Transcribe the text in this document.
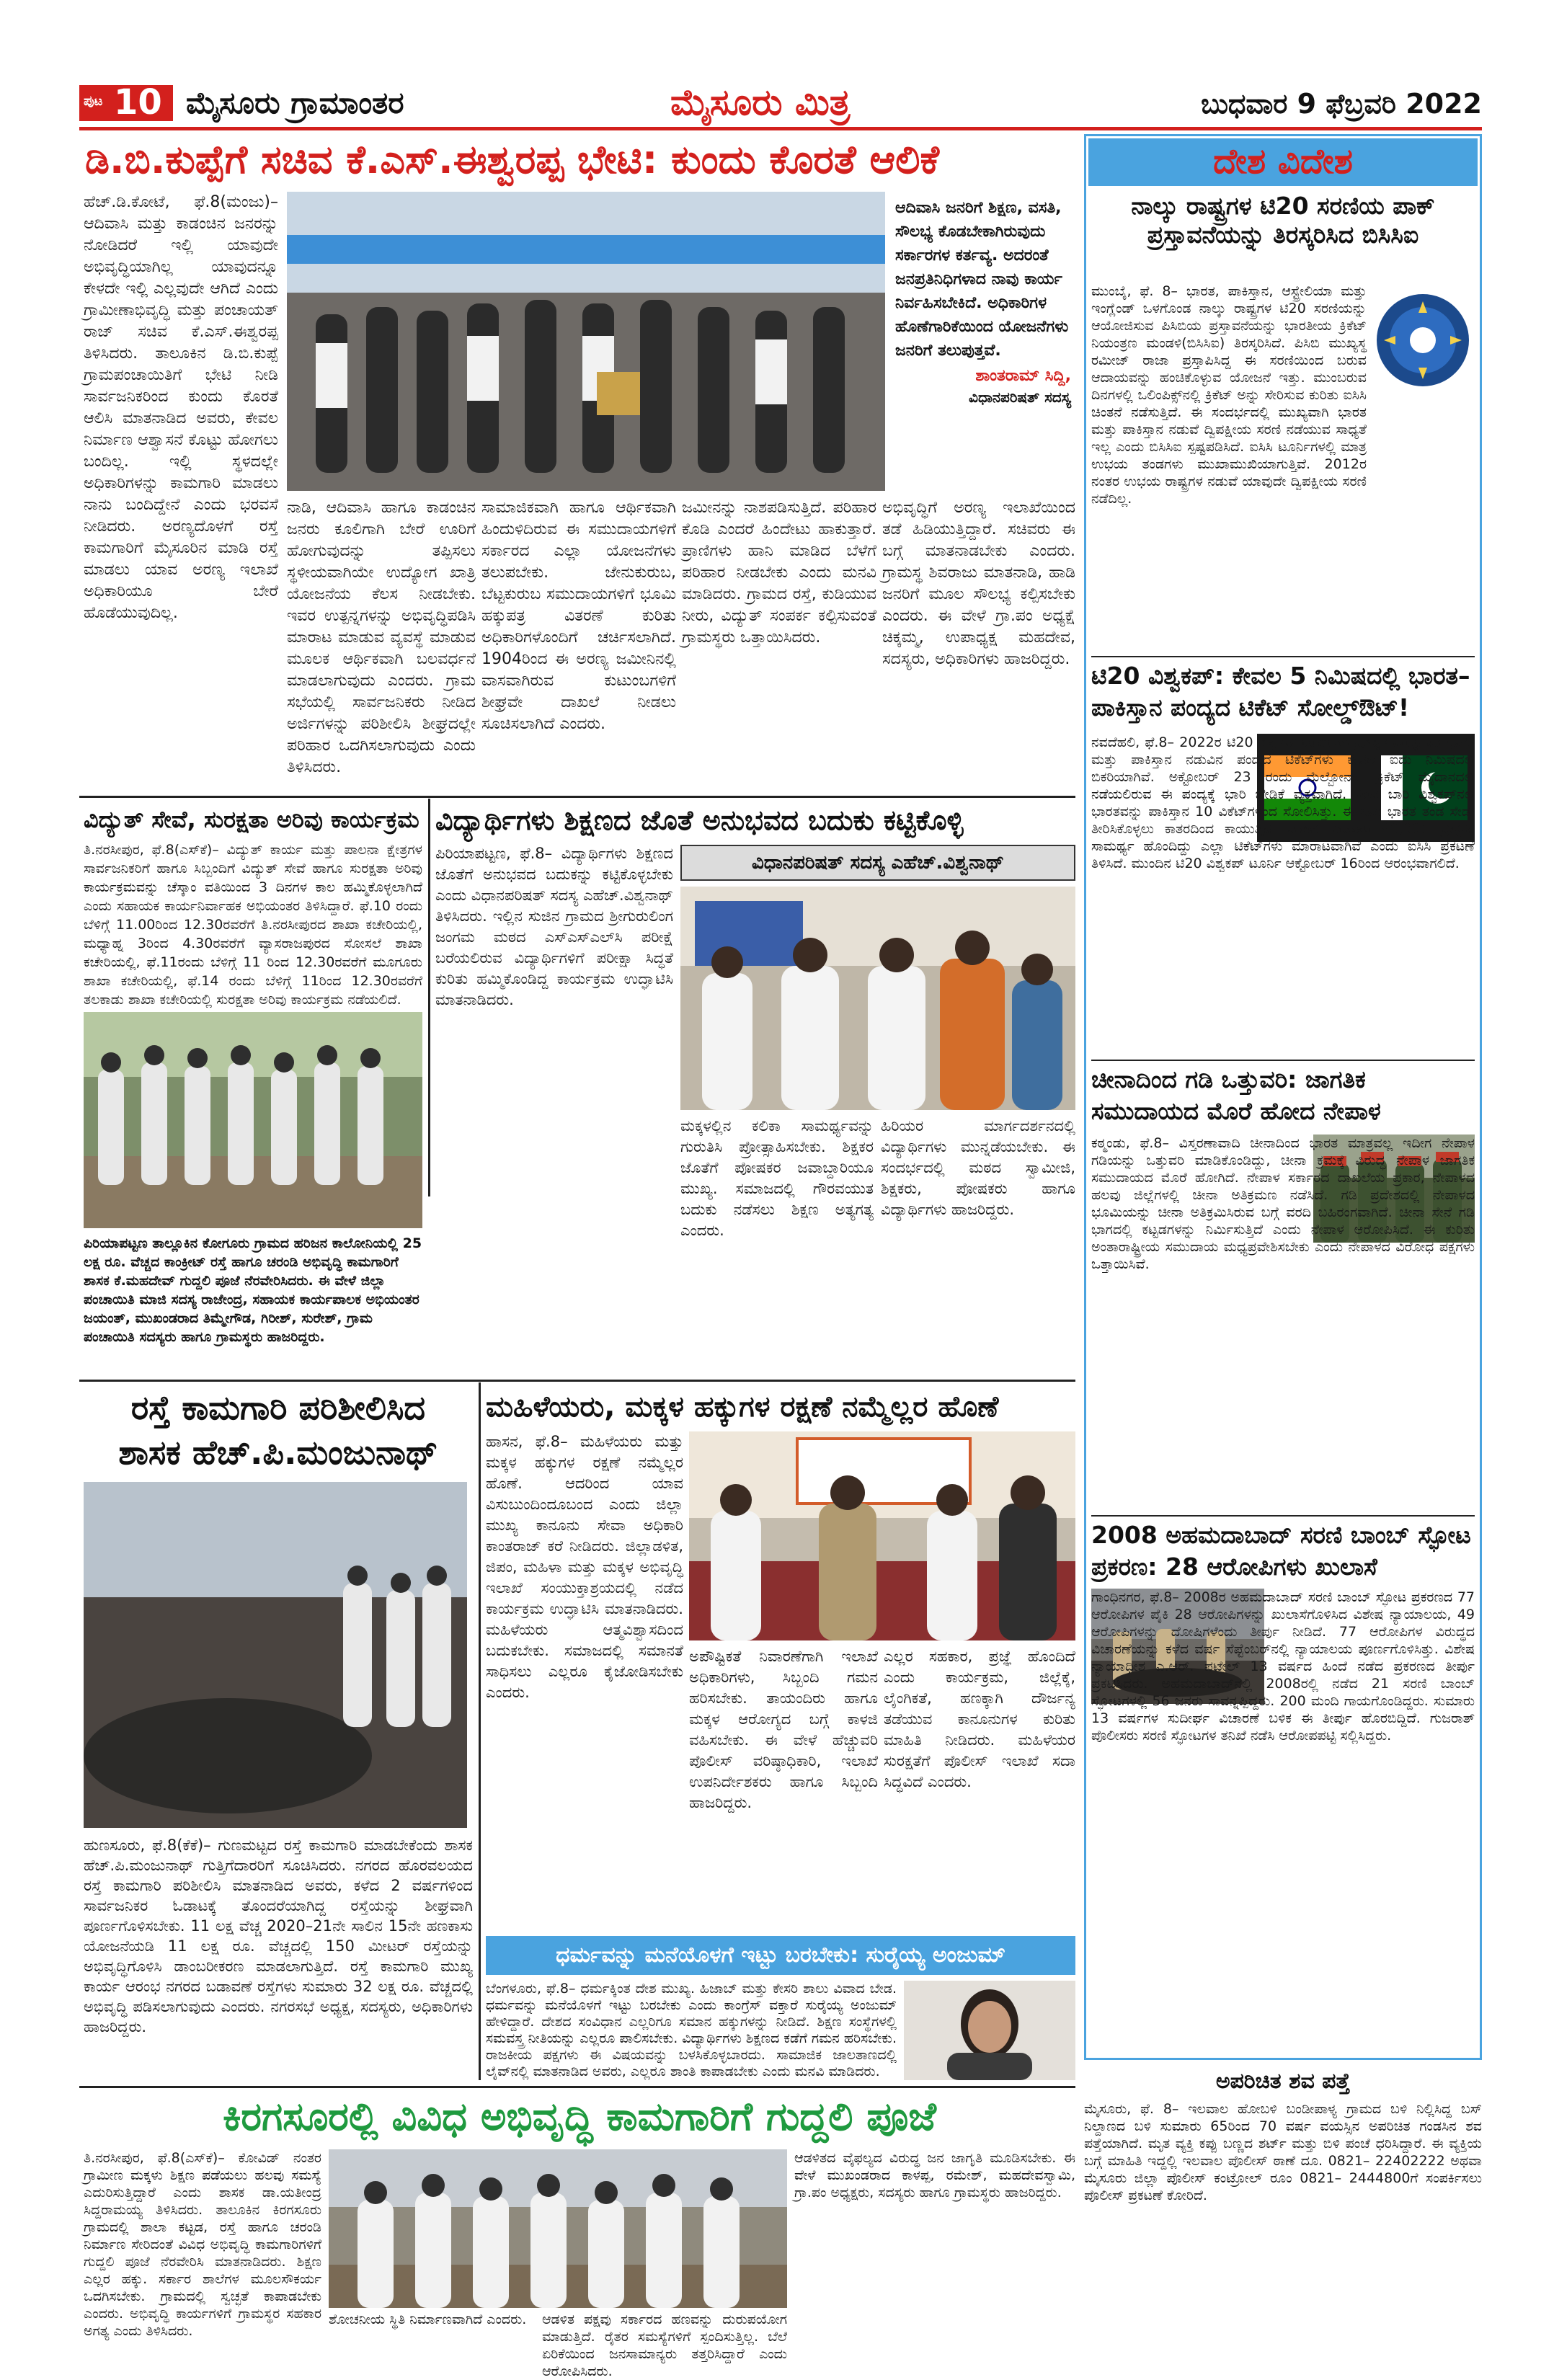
ಪುಟ 10 ಮೈಸೂರು ಗ್ರಾಮಾಂತರ	ಮೈಸೂರು ಮಿತ್ರ	ಬುಧವಾರ 9 ಫೆಬ್ರವರಿ 2022
ಡಿ.ಬಿ.ಕುಪ್ಪೆಗೆ ಸಚಿವ ಕೆ.ಎಸ್.ಈಶ್ವರಪ್ಪ ಭೇಟಿ: ಕುಂದು ಕೊರತೆ ಆಲಿಕೆ
ಹೆಚ್.ಡಿ.ಕೋಟೆ, ಫೆ.8(ಮಂಜು)– ಆದಿವಾಸಿ ಮತ್ತು ಕಾಡಂಚಿನ ಜನರನ್ನು ನೋಡಿದರೆ ಇಲ್ಲಿ ಯಾವುದೇ ಅಭಿವೃದ್ಧಿಯಾಗಿಲ್ಲ ಯಾವುದನ್ನೂ ಕೇಳದೇ ಇಲ್ಲಿ ಎಲ್ಲವುದೇ ಆಗಿದೆ ಎಂದು ಗ್ರಾಮೀಣಾಭಿವೃದ್ಧಿ ಮತ್ತು ಪಂಚಾಯತ್ ರಾಜ್ ಸಚಿವ ಕೆ.ಎಸ್.ಈಶ್ವರಪ್ಪ ತಿಳಿಸಿದರು. ತಾಲೂಕಿನ ಡಿ.ಬಿ.ಕುಪ್ಪೆ ಗ್ರಾಮಪಂಚಾಯಿತಿಗೆ ಭೇಟಿ ನೀಡಿ ಸಾರ್ವಜನಿಕರಿಂದ ಕುಂದು ಕೊರತೆ ಆಲಿಸಿ ಮಾತನಾಡಿದ ಅವರು, ಕೇವಲ ನಿರ್ಮಾಣ ಆಶ್ವಾಸನೆ ಕೊಟ್ಟು ಹೋಗಲು ಬಂದಿಲ್ಲ. ಇಲ್ಲಿ ಸ್ಥಳದಲ್ಲೇ ಅಧಿಕಾರಿಗಳನ್ನು ಕಾಮಗಾರಿ ಮಾಡಲು ನಾನು ಬಂದಿದ್ದೇನೆ ಎಂದು ಭರವಸೆ ನೀಡಿದರು. ಅರಣ್ಯದೊಳಗೆ ರಸ್ತೆ ಕಾಮಗಾರಿಗೆ ಮೈಸೂರಿನ ಮಾಡಿ ರಸ್ತೆ ಮಾಡಲು ಯಾವ ಅರಣ್ಯ ಇಲಾಖೆ ಅಧಿಕಾರಿಯೂ ಬೇರೆ ಹೊಡೆಯುವುದಿಲ್ಲ.
ಆದಿವಾಸಿ ಜನರಿಗೆ ಶಿಕ್ಷಣ, ವಸತಿ, ಸೌಲಭ್ಯ ಕೊಡಬೇಕಾಗಿರುವುದು ಸರ್ಕಾರಗಳ ಕರ್ತವ್ಯ. ಅದರಂತೆ ಜನಪ್ರತಿನಿಧಿಗಳಾದ ನಾವು ಕಾರ್ಯ ನಿರ್ವಹಿಸಬೇಕಿದೆ. ಅಧಿಕಾರಿಗಳ ಹೊಣೆಗಾರಿಕೆಯಿಂದ ಯೋಜನೆಗಳು ಜನರಿಗೆ ತಲುಪುತ್ತವೆ.
ಶಾಂತರಾಮ್ ಸಿದ್ದಿ,
ವಿಧಾನಪರಿಷತ್ ಸದಸ್ಯ
ನಾಡಿ, ಆದಿವಾಸಿ ಹಾಗೂ ಕಾಡಂಚಿನ ಜನರು ಕೂಲಿಗಾಗಿ ಬೇರೆ ಊರಿಗೆ ಹೋಗುವುದನ್ನು ತಪ್ಪಿಸಲು ಸ್ಥಳೀಯವಾಗಿಯೇ ಉದ್ಯೋಗ ಖಾತ್ರಿ ಯೋಜನೆಯ ಕೆಲಸ ನೀಡಬೇಕು. ಇವರ ಉತ್ಪನ್ನಗಳನ್ನು ಅಭಿವೃದ್ಧಿಪಡಿಸಿ ಮಾರಾಟ ಮಾಡುವ ವ್ಯವಸ್ಥೆ ಮಾಡುವ ಮೂಲಕ ಆರ್ಥಿಕವಾಗಿ ಬಲವರ್ಧನೆ ಮಾಡಲಾಗುವುದು ಎಂದರು. ಗ್ರಾಮ ಸಭೆಯಲ್ಲಿ ಸಾರ್ವಜನಿಕರು ನೀಡಿದ ಅರ್ಜಿಗಳನ್ನು ಪರಿಶೀಲಿಸಿ ಶೀಘ್ರದಲ್ಲೇ ಪರಿಹಾರ ಒದಗಿಸಲಾಗುವುದು ಎಂದು ತಿಳಿಸಿದರು.
ಸಾಮಾಜಿಕವಾಗಿ ಹಾಗೂ ಆರ್ಥಿಕವಾಗಿ ಹಿಂದುಳಿದಿರುವ ಈ ಸಮುದಾಯಗಳಿಗೆ ಸರ್ಕಾರದ ಎಲ್ಲಾ ಯೋಜನೆಗಳು ತಲುಪಬೇಕು. ಜೇನುಕುರುಬ, ಬೆಟ್ಟಕುರುಬ ಸಮುದಾಯಗಳಿಗೆ ಭೂಮಿ ಹಕ್ಕುಪತ್ರ ವಿತರಣೆ ಕುರಿತು ಅಧಿಕಾರಿಗಳೊಂದಿಗೆ ಚರ್ಚಿಸಲಾಗಿದೆ. 1904ರಿಂದ ಈ ಅರಣ್ಯ ಜಮೀನಿನಲ್ಲಿ ವಾಸವಾಗಿರುವ ಕುಟುಂಬಗಳಿಗೆ ಶೀಘ್ರವೇ ದಾಖಲೆ ನೀಡಲು ಸೂಚಿಸಲಾಗಿದೆ ಎಂದರು.
ಜಮೀನನ್ನು ನಾಶಪಡಿಸುತ್ತಿದೆ. ಪರಿಹಾರ ಕೊಡಿ ಎಂದರೆ ಹಿಂದೇಟು ಹಾಕುತ್ತಾರೆ. ಪ್ರಾಣಿಗಳು ಹಾನಿ ಮಾಡಿದ ಬೆಳೆಗೆ ಪರಿಹಾರ ನೀಡಬೇಕು ಎಂದು ಮನವಿ ಮಾಡಿದರು. ಗ್ರಾಮದ ರಸ್ತೆ, ಕುಡಿಯುವ ನೀರು, ವಿದ್ಯುತ್ ಸಂಪರ್ಕ ಕಲ್ಪಿಸುವಂತೆ ಗ್ರಾಮಸ್ಥರು ಒತ್ತಾಯಿಸಿದರು.
ಅಭಿವೃದ್ಧಿಗೆ ಅರಣ್ಯ ಇಲಾಖೆಯಿಂದ ತಡೆ ಹಿಡಿಯುತ್ತಿದ್ದಾರೆ. ಸಚಿವರು ಈ ಬಗ್ಗೆ ಮಾತನಾಡಬೇಕು ಎಂದರು. ಗ್ರಾಮಸ್ಥ ಶಿವರಾಜು ಮಾತನಾಡಿ, ಹಾಡಿ ಜನರಿಗೆ ಮೂಲ ಸೌಲಭ್ಯ ಕಲ್ಪಿಸಬೇಕು ಎಂದರು. ಈ ವೇಳೆ ಗ್ರಾ.ಪಂ ಅಧ್ಯಕ್ಷೆ ಚಿಕ್ಕಮ್ಮ, ಉಪಾಧ್ಯಕ್ಷ ಮಹದೇವ, ಸದಸ್ಯರು, ಅಧಿಕಾರಿಗಳು ಹಾಜರಿದ್ದರು.
ವಿದ್ಯುತ್ ಸೇವೆ, ಸುರಕ್ಷತಾ ಅರಿವು ಕಾರ್ಯಕ್ರಮ
ತಿ.ನರಸೀಪುರ, ಫೆ.8(ಎಸ್‌ಕೆ)– ವಿದ್ಯುತ್ ಕಾರ್ಯ ಮತ್ತು ಪಾಲನಾ ಕ್ಷೇತ್ರಗಳ ಸಾರ್ವಜನಿಕರಿಗೆ ಹಾಗೂ ಸಿಬ್ಬಂದಿಗೆ ವಿದ್ಯುತ್ ಸೇವೆ ಹಾಗೂ ಸುರಕ್ಷತಾ ಅರಿವು ಕಾರ್ಯಕ್ರಮವನ್ನು ಚೆಸ್ಕಾಂ ವತಿಯಿಂದ 3 ದಿನಗಳ ಕಾಲ ಹಮ್ಮಿಕೊಳ್ಳಲಾಗಿದೆ ಎಂದು ಸಹಾಯಕ ಕಾರ್ಯನಿರ್ವಾಹಕ ಅಭಿಯಂತರ ತಿಳಿಸಿದ್ದಾರೆ. ಫೆ.10 ರಂದು ಬೆಳಿಗ್ಗೆ 11.00ರಿಂದ 12.30ರವರೆಗೆ ತಿ.ನರಸೀಪುರದ ಶಾಖಾ ಕಚೇರಿಯಲ್ಲಿ, ಮಧ್ಯಾಹ್ನ 3ರಿಂದ 4.30ರವರೆಗೆ ವ್ಯಾಸರಾಜಪುರದ ಸೋಸಲೆ ಶಾಖಾ ಕಚೇರಿಯಲ್ಲಿ, ಫೆ.11ರಂದು ಬೆಳಿಗ್ಗೆ 11 ರಿಂದ 12.30ರವರೆಗೆ ಮೂಗೂರು ಶಾಖಾ ಕಚೇರಿಯಲ್ಲಿ, ಫೆ.14 ರಂದು ಬೆಳಿಗ್ಗೆ 11ರಿಂದ 12.30ರವರೆಗೆ ತಲಕಾಡು ಶಾಖಾ ಕಚೇರಿಯಲ್ಲಿ ಸುರಕ್ಷತಾ ಅರಿವು ಕಾರ್ಯಕ್ರಮ ನಡೆಯಲಿದೆ.
ಪಿರಿಯಾಪಟ್ಟಣ ತಾಲ್ಲೂಕಿನ ಕೋಗೂರು ಗ್ರಾಮದ ಹರಿಜನ ಕಾಲೋನಿಯಲ್ಲಿ 25 ಲಕ್ಷ ರೂ. ವೆಚ್ಚದ ಕಾಂಕ್ರೀಟ್ ರಸ್ತೆ ಹಾಗೂ ಚರಂಡಿ ಅಭಿವೃದ್ಧಿ ಕಾಮಗಾರಿಗೆ ಶಾಸಕ ಕೆ.ಮಹದೇವ್ ಗುದ್ದಲಿ ಪೂಜೆ ನೆರವೇರಿಸಿದರು. ಈ ವೇಳೆ ಜಿಲ್ಲಾ ಪಂಚಾಯಿತಿ ಮಾಜಿ ಸದಸ್ಯ ರಾಜೇಂದ್ರ, ಸಹಾಯಕ ಕಾರ್ಯಪಾಲಕ ಅಭಿಯಂತರ ಜಯಂತ್, ಮುಖಂಡರಾದ ತಿಮ್ಮೇಗೌಡ, ಗಿರೀಶ್, ಸುರೇಶ್, ಗ್ರಾಮ ಪಂಚಾಯಿತಿ ಸದಸ್ಯರು ಹಾಗೂ ಗ್ರಾಮಸ್ಥರು ಹಾಜರಿದ್ದರು.
ವಿದ್ಯಾರ್ಥಿಗಳು ಶಿಕ್ಷಣದ ಜೊತೆ ಅನುಭವದ ಬದುಕು ಕಟ್ಟಿಕೊಳ್ಳಿ
ಪಿರಿಯಾಪಟ್ಟಣ, ಫೆ.8– ವಿದ್ಯಾರ್ಥಿಗಳು ಶಿಕ್ಷಣದ ಜೊತೆಗೆ ಅನುಭವದ ಬದುಕನ್ನು ಕಟ್ಟಿಕೊಳ್ಳಬೇಕು ಎಂದು ವಿಧಾನಪರಿಷತ್ ಸದಸ್ಯ ಎಹೆಚ್.ವಿಶ್ವನಾಥ್ ತಿಳಿಸಿದರು. ಇಲ್ಲಿನ ಸುಜಿನ ಗ್ರಾಮದ ಶ್ರೀಗುರುಲಿಂಗ ಜಂಗಮ ಮಠದ ಎಸ್‌ಎಸ್‌ಎಲ್‌ಸಿ ಪರೀಕ್ಷೆ ಬರೆಯಲಿರುವ ವಿದ್ಯಾರ್ಥಿಗಳಿಗೆ ಪರೀಕ್ಷಾ ಸಿದ್ಧತೆ ಕುರಿತು ಹಮ್ಮಿಕೊಂಡಿದ್ದ ಕಾರ್ಯಕ್ರಮ ಉದ್ಘಾಟಿಸಿ ಮಾತನಾಡಿದರು.
ವಿಧಾನಪರಿಷತ್ ಸದಸ್ಯ ಎಹೆಚ್.ವಿಶ್ವನಾಥ್
ಮಕ್ಕಳಲ್ಲಿನ ಕಲಿಕಾ ಸಾಮರ್ಥ್ಯವನ್ನು ಗುರುತಿಸಿ ಪ್ರೋತ್ಸಾಹಿಸಬೇಕು. ಶಿಕ್ಷಕರ ಜೊತೆಗೆ ಪೋಷಕರ ಜವಾಬ್ದಾರಿಯೂ ಮುಖ್ಯ. ಸಮಾಜದಲ್ಲಿ ಗೌರವಯುತ ಬದುಕು ನಡೆಸಲು ಶಿಕ್ಷಣ ಅತ್ಯಗತ್ಯ ಎಂದರು.
ಹಿರಿಯರ ಮಾರ್ಗದರ್ಶನದಲ್ಲಿ ವಿದ್ಯಾರ್ಥಿಗಳು ಮುನ್ನಡೆಯಬೇಕು. ಈ ಸಂದರ್ಭದಲ್ಲಿ ಮಠದ ಸ್ವಾಮೀಜಿ, ಶಿಕ್ಷಕರು, ಪೋಷಕರು ಹಾಗೂ ವಿದ್ಯಾರ್ಥಿಗಳು ಹಾಜರಿದ್ದರು.
ರಸ್ತೆ ಕಾಮಗಾರಿ ಪರಿಶೀಲಿಸಿದ
ಶಾಸಕ ಹೆಚ್.ಪಿ.ಮಂಜುನಾಥ್
ಹುಣಸೂರು, ಫೆ.8(ಕೆಕೆ)– ಗುಣಮಟ್ಟದ ರಸ್ತೆ ಕಾಮಗಾರಿ ಮಾಡಬೇಕೆಂದು ಶಾಸಕ ಹೆಚ್.ಪಿ.ಮಂಜುನಾಥ್ ಗುತ್ತಿಗೆದಾರರಿಗೆ ಸೂಚಿಸಿದರು. ನಗರದ ಹೊರವಲಯದ ರಸ್ತೆ ಕಾಮಗಾರಿ ಪರಿಶೀಲಿಸಿ ಮಾತನಾಡಿದ ಅವರು, ಕಳೆದ 2 ವರ್ಷಗಳಿಂದ ಸಾರ್ವಜನಿಕರ ಓಡಾಟಕ್ಕೆ ತೊಂದರೆಯಾಗಿದ್ದ ರಸ್ತೆಯನ್ನು ಶೀಘ್ರವಾಗಿ ಪೂರ್ಣಗೊಳಿಸಬೇಕು. 11 ಲಕ್ಷ ವೆಚ್ಚ 2020–21ನೇ ಸಾಲಿನ 15ನೇ ಹಣಕಾಸು ಯೋಜನೆಯಡಿ 11 ಲಕ್ಷ ರೂ. ವೆಚ್ಚದಲ್ಲಿ 150 ಮೀಟರ್ ರಸ್ತೆಯನ್ನು ಅಭಿವೃದ್ಧಿಗೊಳಿಸಿ ಡಾಂಬರೀಕರಣ ಮಾಡಲಾಗುತ್ತಿದೆ. ರಸ್ತೆ ಕಾಮಗಾರಿ ಮುಖ್ಯ ಕಾರ್ಯ ಆರಂಭ ನಗರದ ಬಡಾವಣೆ ರಸ್ತೆಗಳು ಸುಮಾರು 32 ಲಕ್ಷ ರೂ. ವೆಚ್ಚದಲ್ಲಿ ಅಭಿವೃದ್ಧಿ ಪಡಿಸಲಾಗುವುದು ಎಂದರು. ನಗರಸಭೆ ಅಧ್ಯಕ್ಷ, ಸದಸ್ಯರು, ಅಧಿಕಾರಿಗಳು ಹಾಜರಿದ್ದರು.
ಮಹಿಳೆಯರು, ಮಕ್ಕಳ ಹಕ್ಕುಗಳ ರಕ್ಷಣೆ ನಮ್ಮೆಲ್ಲರ ಹೊಣೆ
ಹಾಸನ, ಫೆ.8– ಮಹಿಳೆಯರು ಮತ್ತು ಮಕ್ಕಳ ಹಕ್ಕುಗಳ ರಕ್ಷಣೆ ನಮ್ಮೆಲ್ಲರ ಹೊಣೆ. ಆದರಿಂದ ಯಾವ ವಿಸುಬುಂದಿಂದೂಬಂದ ಎಂದು ಜಿಲ್ಲಾ ಮುಖ್ಯ ಕಾನೂನು ಸೇವಾ ಅಧಿಕಾರಿ ಕಾಂತರಾಜ್ ಕರೆ ನೀಡಿದರು. ಜಿಲ್ಲಾಡಳಿತ, ಜಿಪಂ, ಮಹಿಳಾ ಮತ್ತು ಮಕ್ಕಳ ಅಭಿವೃದ್ಧಿ ಇಲಾಖೆ ಸಂಯುಕ್ತಾಶ್ರಯದಲ್ಲಿ ನಡೆದ ಕಾರ್ಯಕ್ರಮ ಉದ್ಘಾಟಿಸಿ ಮಾತನಾಡಿದರು. ಮಹಿಳೆಯರು ಆತ್ಮವಿಶ್ವಾಸದಿಂದ ಬದುಕಬೇಕು. ಸಮಾಜದಲ್ಲಿ ಸಮಾನತೆ ಸಾಧಿಸಲು ಎಲ್ಲರೂ ಕೈಜೋಡಿಸಬೇಕು ಎಂದರು.
ಅಪೌಷ್ಟಿಕತೆ ನಿವಾರಣೆಗಾಗಿ ಇಲಾಖೆ ಅಧಿಕಾರಿಗಳು, ಸಿಬ್ಬಂದಿ ಗಮನ ಹರಿಸಬೇಕು. ತಾಯಂದಿರು ಹಾಗೂ ಮಕ್ಕಳ ಆರೋಗ್ಯದ ಬಗ್ಗೆ ಕಾಳಜಿ ವಹಿಸಬೇಕು. ಈ ವೇಳೆ ಹೆಚ್ಚುವರಿ ಪೊಲೀಸ್ ವರಿಷ್ಠಾಧಿಕಾರಿ, ಇಲಾಖೆ ಉಪನಿರ್ದೇಶಕರು ಹಾಗೂ ಸಿಬ್ಬಂದಿ ಹಾಜರಿದ್ದರು.
ಎಲ್ಲರ ಸಹಕಾರ, ಪ್ರಜ್ಞೆ ಹೊಂದಿದೆ ಎಂದು ಕಾರ್ಯಕ್ರಮ, ಜಿಲ್ಲೆಕ್ಕೆ, ಲೈಂಗಿಕತೆ, ಹಣಕ್ಕಾಗಿ ದೌರ್ಜನ್ಯ ತಡೆಯುವ ಕಾನೂನುಗಳ ಕುರಿತು ಮಾಹಿತಿ ನೀಡಿದರು. ಮಹಿಳೆಯರ ಸುರಕ್ಷತೆಗೆ ಪೊಲೀಸ್ ಇಲಾಖೆ ಸದಾ ಸಿದ್ಧವಿದೆ ಎಂದರು.
ಧರ್ಮವನ್ನು ಮನೆಯೊಳಗೆ ಇಟ್ಟು ಬರಬೇಕು: ಸುರೈಯ್ಯ ಅಂಜುಮ್
ಬೆಂಗಳೂರು, ಫೆ.8– ಧರ್ಮಕ್ಕಿಂತ ದೇಶ ಮುಖ್ಯ. ಹಿಜಾಬ್ ಮತ್ತು ಕೇಸರಿ ಶಾಲು ವಿವಾದ ಬೇಡ. ಧರ್ಮವನ್ನು ಮನೆಯೊಳಗೆ ಇಟ್ಟು ಬರಬೇಕು ಎಂದು ಕಾಂಗ್ರೆಸ್ ವಕ್ತಾರೆ ಸುರೈಯ್ಯ ಅಂಜುಮ್ ಹೇಳಿದ್ದಾರೆ. ದೇಶದ ಸಂವಿಧಾನ ಎಲ್ಲರಿಗೂ ಸಮಾನ ಹಕ್ಕುಗಳನ್ನು ನೀಡಿದೆ. ಶಿಕ್ಷಣ ಸಂಸ್ಥೆಗಳಲ್ಲಿ ಸಮವಸ್ತ್ರ ನೀತಿಯನ್ನು ಎಲ್ಲರೂ ಪಾಲಿಸಬೇಕು. ವಿದ್ಯಾರ್ಥಿಗಳು ಶಿಕ್ಷಣದ ಕಡೆಗೆ ಗಮನ ಹರಿಸಬೇಕು. ರಾಜಕೀಯ ಪಕ್ಷಗಳು ಈ ವಿಷಯವನ್ನು ಬಳಸಿಕೊಳ್ಳಬಾರದು. ಸಾಮಾಜಿಕ ಜಾಲತಾಣದಲ್ಲಿ ಲೈವ್‌ನಲ್ಲಿ ಮಾತನಾಡಿದ ಅವರು, ಎಲ್ಲರೂ ಶಾಂತಿ ಕಾಪಾಡಬೇಕು ಎಂದು ಮನವಿ ಮಾಡಿದರು.
ಕಿರಗಸೂರಲ್ಲಿ ವಿವಿಧ ಅಭಿವೃದ್ಧಿ ಕಾಮಗಾರಿಗೆ ಗುದ್ದಲಿ ಪೂಜೆ
ತಿ.ನರಸೀಪುರ, ಫೆ.8(ಎಸ್‌ಕೆ)– ಕೋವಿಡ್ ನಂತರ ಗ್ರಾಮೀಣ ಮಕ್ಕಳು ಶಿಕ್ಷಣ ಪಡೆಯಲು ಹಲವು ಸಮಸ್ಯೆ ಎದುರಿಸುತ್ತಿದ್ದಾರೆ ಎಂದು ಶಾಸಕ ಡಾ.ಯತೀಂದ್ರ ಸಿದ್ದರಾಮಯ್ಯ ತಿಳಿಸಿದರು. ತಾಲೂಕಿನ ಕಿರಗಸೂರು ಗ್ರಾಮದಲ್ಲಿ ಶಾಲಾ ಕಟ್ಟಡ, ರಸ್ತೆ ಹಾಗೂ ಚರಂಡಿ ನಿರ್ಮಾಣ ಸೇರಿದಂತೆ ವಿವಿಧ ಅಭಿವೃದ್ಧಿ ಕಾಮಗಾರಿಗಳಿಗೆ ಗುದ್ದಲಿ ಪೂಜೆ ನೆರವೇರಿಸಿ ಮಾತನಾಡಿದರು. ಶಿಕ್ಷಣ ಎಲ್ಲರ ಹಕ್ಕು. ಸರ್ಕಾರ ಶಾಲೆಗಳ ಮೂಲಸೌಕರ್ಯ ಒದಗಿಸಬೇಕು. ಗ್ರಾಮದಲ್ಲಿ ಸ್ವಚ್ಛತೆ ಕಾಪಾಡಬೇಕು ಎಂದರು. ಅಭಿವೃದ್ಧಿ ಕಾರ್ಯಗಳಿಗೆ ಗ್ರಾಮಸ್ಥರ ಸಹಕಾರ ಅಗತ್ಯ ಎಂದು ತಿಳಿಸಿದರು.
ಶೋಚನೀಯ ಸ್ಥಿತಿ ನಿರ್ಮಾಣವಾಗಿದೆ ಎಂದರು.	ಆಡಳಿತ ಪಕ್ಷವು ಸರ್ಕಾರದ ಹಣವನ್ನು ದುರುಪಯೋಗ ಮಾಡುತ್ತಿದೆ. ರೈತರ ಸಮಸ್ಯೆಗಳಿಗೆ ಸ್ಪಂದಿಸುತ್ತಿಲ್ಲ. ಬೆಲೆ ಏರಿಕೆಯಿಂದ ಜನಸಾಮಾನ್ಯರು ತತ್ತರಿಸಿದ್ದಾರೆ ಎಂದು ಆರೋಪಿಸಿದರು.
ಆಡಳಿತದ ವೈಫಲ್ಯದ ವಿರುದ್ಧ ಜನ ಜಾಗೃತಿ ಮೂಡಿಸಬೇಕು. ಈ ವೇಳೆ ಮುಖಂಡರಾದ ಕಾಳಪ್ಪ, ರಮೇಶ್, ಮಹದೇವಸ್ವಾಮಿ, ಗ್ರಾ.ಪಂ ಅಧ್ಯಕ್ಷರು, ಸದಸ್ಯರು ಹಾಗೂ ಗ್ರಾಮಸ್ಥರು ಹಾಜರಿದ್ದರು.
ದೇಶ ವಿದೇಶ
ನಾಲ್ಕು ರಾಷ್ಟ್ರಗಳ ಟಿ20 ಸರಣಿಯ ಪಾಕ್ ಪ್ರಸ್ತಾವನೆಯನ್ನು ತಿರಸ್ಕರಿಸಿದ ಬಿಸಿಸಿಐ
ಮುಂಬೈ, ಫೆ. 8– ಭಾರತ, ಪಾಕಿಸ್ತಾನ, ಆಸ್ಟ್ರೇಲಿಯಾ ಮತ್ತು ಇಂಗ್ಲೆಂಡ್ ಒಳಗೊಂಡ ನಾಲ್ಕು ರಾಷ್ಟ್ರಗಳ ಟಿ20 ಸರಣಿಯನ್ನು ಆಯೋಜಿಸುವ ಪಿಸಿಬಿಯ ಪ್ರಸ್ತಾವನೆಯನ್ನು ಭಾರತೀಯ ಕ್ರಿಕೆಟ್ ನಿಯಂತ್ರಣ ಮಂಡಳಿ(ಬಿಸಿಸಿಐ) ತಿರಸ್ಕರಿಸಿದೆ. ಪಿಸಿಬಿ ಮುಖ್ಯಸ್ಥ ರಮೀಜ್ ರಾಜಾ ಪ್ರಸ್ತಾಪಿಸಿದ್ದ ಈ ಸರಣಿಯಿಂದ ಬರುವ ಆದಾಯವನ್ನು ಹಂಚಿಕೊಳ್ಳುವ ಯೋಜನೆ ಇತ್ತು. ಮುಂಬರುವ ದಿನಗಳಲ್ಲಿ ಒಲಿಂಪಿಕ್ಸ್‌ನಲ್ಲಿ ಕ್ರಿಕೆಟ್ ಅನ್ನು ಸೇರಿಸುವ ಕುರಿತು ಐಸಿಸಿ ಚಿಂತನೆ ನಡೆಸುತ್ತಿದೆ. ಈ ಸಂದರ್ಭದಲ್ಲಿ ಮುಖ್ಯವಾಗಿ ಭಾರತ ಮತ್ತು ಪಾಕಿಸ್ತಾನ ನಡುವೆ ದ್ವಿಪಕ್ಷೀಯ ಸರಣಿ ನಡೆಯುವ ಸಾಧ್ಯತೆ ಇಲ್ಲ ಎಂದು ಬಿಸಿಸಿಐ ಸ್ಪಷ್ಟಪಡಿಸಿದೆ. ಐಸಿಸಿ ಟೂರ್ನಿಗಳಲ್ಲಿ ಮಾತ್ರ ಉಭಯ ತಂಡಗಳು ಮುಖಾಮುಖಿಯಾಗುತ್ತಿವೆ. 2012ರ ನಂತರ ಉಭಯ ರಾಷ್ಟ್ರಗಳ ನಡುವೆ ಯಾವುದೇ ದ್ವಿಪಕ್ಷೀಯ ಸರಣಿ ನಡೆದಿಲ್ಲ.
ಟಿ20 ವಿಶ್ವಕಪ್: ಕೇವಲ 5 ನಿಮಿಷದಲ್ಲಿ ಭಾರತ–ಪಾಕಿಸ್ತಾನ ಪಂದ್ಯದ ಟಿಕೆಟ್ ಸೋಲ್ಡ್‌ಔಟ್!
ನವದೆಹಲಿ, ಫೆ.8– 2022ರ ಟಿ20 ವಿಶ್ವಕಪ್ ಟೂರ್ನಿಯ ಪ್ರತಿಷ್ಠಿತ ಪಂದ್ಯವಾದ ಭಾರತ ಮತ್ತು ಪಾಕಿಸ್ತಾನ ನಡುವಿನ ಪಂದ್ಯದ ಟಿಕೆಟ್‌ಗಳು ಕೇವಲ ಐದು ನಿಮಿಷದಲ್ಲಿ ಬಿಕರಿಯಾಗಿವೆ. ಅಕ್ಟೋಬರ್ 23 ರಂದು ಮೆಲ್ಬೋರ್ನ್ ಕ್ರಿಕೆಟ್ ಮೈದಾನದಲ್ಲಿ ನಡೆಯಲಿರುವ ಈ ಪಂದ್ಯಕ್ಕೆ ಭಾರಿ ಬೇಡಿಕೆ ವ್ಯಕ್ತವಾಗಿದೆ. ಕಳೆದ ಬಾರಿ ವಿಶ್ವಕಪ್‌ನಲ್ಲಿ ಭಾರತವನ್ನು ಪಾಕಿಸ್ತಾನ 10 ವಿಕೆಟ್‌ಗಳಿಂದ ಸೋಲಿಸಿತ್ತು. ಈ ಬಾರಿ ಭಾರತ ತಂಡ ಸೇಡು ತೀರಿಸಿಕೊಳ್ಳಲು ಕಾತರದಿಂದ ಕಾಯುತ್ತಿದೆ. ಎಂಸಿಜಿ ಸುಮಾರು 90,000 ಪ್ರೇಕ್ಷಕರ ಸಾಮರ್ಥ್ಯ ಹೊಂದಿದ್ದು ಎಲ್ಲಾ ಟಿಕೆಟ್‌ಗಳು ಮಾರಾಟವಾಗಿವೆ ಎಂದು ಐಸಿಸಿ ಪ್ರಕಟಣೆ ತಿಳಿಸಿದೆ. ಮುಂದಿನ ಟಿ20 ವಿಶ್ವಕಪ್ ಟೂರ್ನಿ ಆಕ್ಟೋಬರ್ 16ರಿಂದ ಆರಂಭವಾಗಲಿದೆ.
ಚೀನಾದಿಂದ ಗಡಿ ಒತ್ತುವರಿ: ಜಾಗತಿಕ ಸಮುದಾಯದ ಮೊರೆ ಹೋದ ನೇಪಾಳ
ಕಠ್ಮಂಡು, ಫೆ.8– ವಿಸ್ತರಣಾವಾದಿ ಚೀನಾದಿಂದ ಭಾರತ ಮಾತ್ರವಲ್ಲ ಇದೀಗ ನೇಪಾಳ ಗಡಿಯನ್ನು ಒತ್ತುವರಿ ಮಾಡಿಕೊಂಡಿದ್ದು, ಚೀನಾ ಕ್ರಮಕ್ಕೆ ವಿರುದ್ಧ ನೇಪಾಳ ಜಾಗತಿಕ ಸಮುದಾಯದ ಮೊರೆ ಹೋಗಿದೆ. ನೇಪಾಳ ಸರ್ಕಾರದ ದಾಖಲೆಯ ಪ್ರಕಾರ, ನೇಪಾಳದ ಹಲವು ಜಿಲ್ಲೆಗಳಲ್ಲಿ ಚೀನಾ ಅತಿಕ್ರಮಣ ನಡೆಸಿದೆ. ಗಡಿ ಪ್ರದೇಶದಲ್ಲಿ ನೇಪಾಳದ ಭೂಮಿಯನ್ನು ಚೀನಾ ಅತಿಕ್ರಮಿಸಿರುವ ಬಗ್ಗೆ ವರದಿ ಬಹಿರಂಗವಾಗಿದೆ. ಚೀನಾ ಸೇನೆ ಗಡಿ ಭಾಗದಲ್ಲಿ ಕಟ್ಟಡಗಳನ್ನು ನಿರ್ಮಿಸುತ್ತಿದೆ ಎಂದು ನೇಪಾಳ ಆರೋಪಿಸಿದೆ. ಈ ಕುರಿತು ಅಂತಾರಾಷ್ಟ್ರೀಯ ಸಮುದಾಯ ಮಧ್ಯಪ್ರವೇಶಿಸಬೇಕು ಎಂದು ನೇಪಾಳದ ವಿರೋಧ ಪಕ್ಷಗಳು ಒತ್ತಾಯಿಸಿವೆ.
2008 ಅಹಮದಾಬಾದ್ ಸರಣಿ ಬಾಂಬ್ ಸ್ಫೋಟ ಪ್ರಕರಣ: 28 ಆರೋಪಿಗಳು ಖುಲಾಸೆ
ಗಾಂಧಿನಗರ, ಫೆ.8– 2008ರ ಅಹಮದಾಬಾದ್ ಸರಣಿ ಬಾಂಬ್ ಸ್ಫೋಟ ಪ್ರಕರಣದ 77 ಆರೋಪಿಗಳ ಪೈಕಿ 28 ಆರೋಪಿಗಳನ್ನು ಖುಲಾಸೆಗೊಳಿಸಿದ ವಿಶೇಷ ನ್ಯಾಯಾಲಯ, 49 ಆರೋಪಿಗಳನ್ನು ದೋಷಿಗಳೆಂದು ತೀರ್ಪು ನೀಡಿದೆ. 77 ಆರೋಪಿಗಳ ವಿರುದ್ಧದ ವಿಚಾರಣೆಯನ್ನು ಕಳೆದ ವರ್ಷ ಸೆಪ್ಟೆಂಬರ್‌ನಲ್ಲಿ ನ್ಯಾಯಾಲಯ ಪೂರ್ಣಗೊಳಿಸಿತ್ತು. ವಿಶೇಷ ನ್ಯಾಯಾಧೀಶ ಎ.ಆರ್. ಪಟೇಲ್ 13 ವರ್ಷದ ಹಿಂದೆ ನಡೆದ ಪ್ರಕರಣದ ತೀರ್ಪು ಪ್ರಕಟಿಸಿದರು. ಅಹಮದಾಬಾದ್‌ನಲ್ಲಿ 2008ರಲ್ಲಿ ನಡೆದ 21 ಸರಣಿ ಬಾಂಬ್ ಸ್ಫೋಟಗಳಲ್ಲಿ 56 ಜನರು ಸಾವನ್ನಪ್ಪಿದ್ದರು. 200 ಮಂದಿ ಗಾಯಗೊಂಡಿದ್ದರು. ಸುಮಾರು 13 ವರ್ಷಗಳ ಸುದೀರ್ಘ ವಿಚಾರಣೆ ಬಳಿಕ ಈ ತೀರ್ಪು ಹೊರಬಿದ್ದಿದೆ. ಗುಜರಾತ್ ಪೊಲೀಸರು ಸರಣಿ ಸ್ಫೋಟಗಳ ತನಿಖೆ ನಡೆಸಿ ಆರೋಪಪಟ್ಟಿ ಸಲ್ಲಿಸಿದ್ದರು.
ಅಪರಿಚಿತ ಶವ ಪತ್ತೆ
ಮೈಸೂರು, ಫೆ. 8– ಇಲವಾಲ ಹೋಬಳಿ ಬಂಡೀಪಾಳ್ಯ ಗ್ರಾಮದ ಬಳಿ ನಿಲ್ಲಿಸಿದ್ದ ಬಸ್ ನಿಲ್ದಾಣದ ಬಳಿ ಸುಮಾರು 65ರಿಂದ 70 ವರ್ಷ ವಯಸ್ಸಿನ ಅಪರಿಚಿತ ಗಂಡಸಿನ ಶವ ಪತ್ತೆಯಾಗಿದೆ. ಮೃತ ವ್ಯಕ್ತಿ ಕಪ್ಪು ಬಣ್ಣದ ಶರ್ಟ್ ಮತ್ತು ಬಿಳಿ ಪಂಚೆ ಧರಿಸಿದ್ದಾರೆ. ಈ ವ್ಯಕ್ತಿಯ ಬಗ್ಗೆ ಮಾಹಿತಿ ಇದ್ದಲ್ಲಿ ಇಲವಾಲ ಪೊಲೀಸ್ ಠಾಣೆ ದೂ. 0821– 22402222 ಅಥವಾ ಮೈಸೂರು ಜಿಲ್ಲಾ ಪೊಲೀಸ್ ಕಂಟ್ರೋಲ್ ರೂಂ 0821– 2444800ಗೆ ಸಂಪರ್ಕಿಸಲು ಪೊಲೀಸ್ ಪ್ರಕಟಣೆ ಕೋರಿದೆ.
